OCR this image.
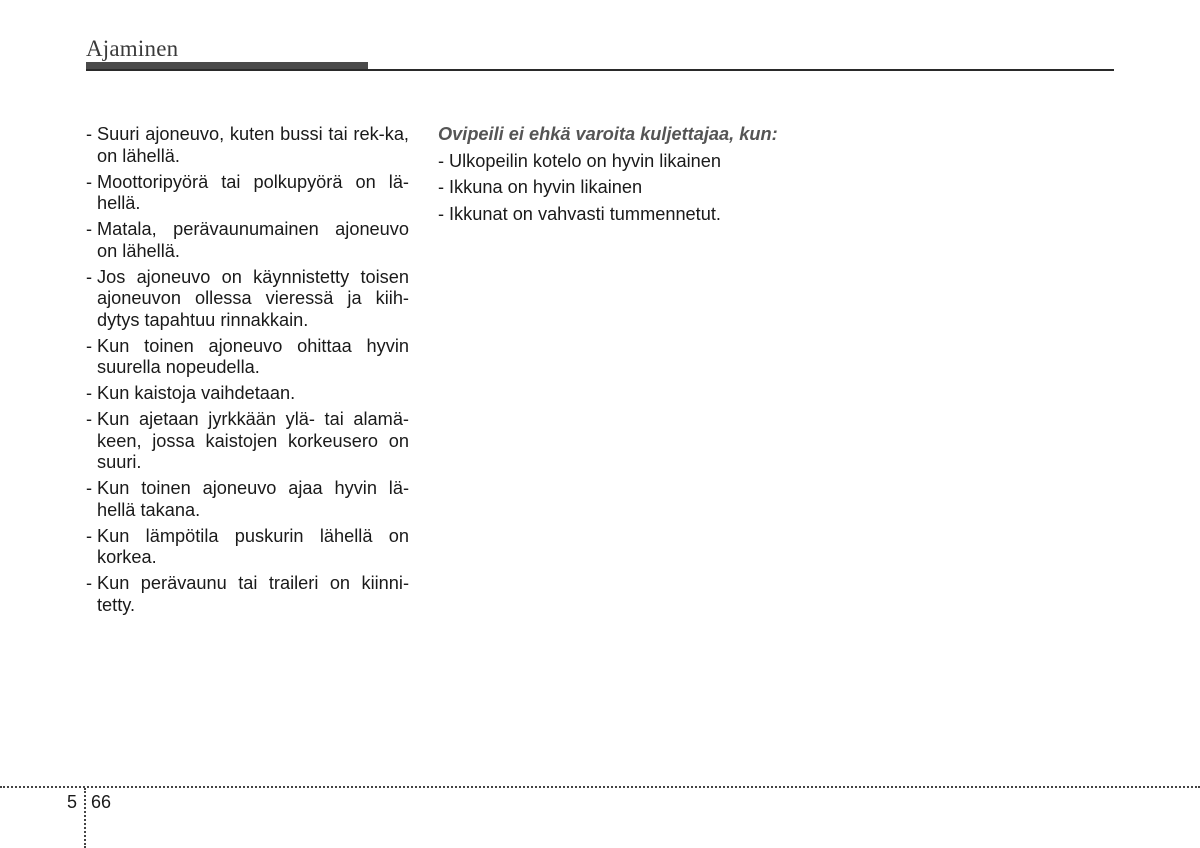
Ajaminen
- Suuri ajoneuvo, kuten bussi tai rek-ka, on lähellä.
- Moottoripyörä tai polkupyörä on lä-hellä.
- Matala, perävaunumainen ajoneuvo on lähellä.
- Jos ajoneuvo on käynnistetty toisen ajoneuvon ollessa vieressä ja kiih-dytys tapahtuu rinnakkain.
- Kun toinen ajoneuvo ohittaa hyvin suurella nopeudella.
- Kun kaistoja vaihdetaan.
- Kun ajetaan jyrkkään ylä- tai alamä-keen, jossa kaistojen korkeusero on suuri.
- Kun toinen ajoneuvo ajaa hyvin lä-hellä takana.
- Kun lämpötila puskurin lähellä on korkea.
- Kun perävaunu tai traileri on kiinni-tetty.
Ovipeili ei ehkä varoita kuljettajaa, kun:
- Ulkopeilin kotelo on hyvin likainen
- Ikkuna on hyvin likainen
- Ikkunat on vahvasti tummennetut.
5 66
